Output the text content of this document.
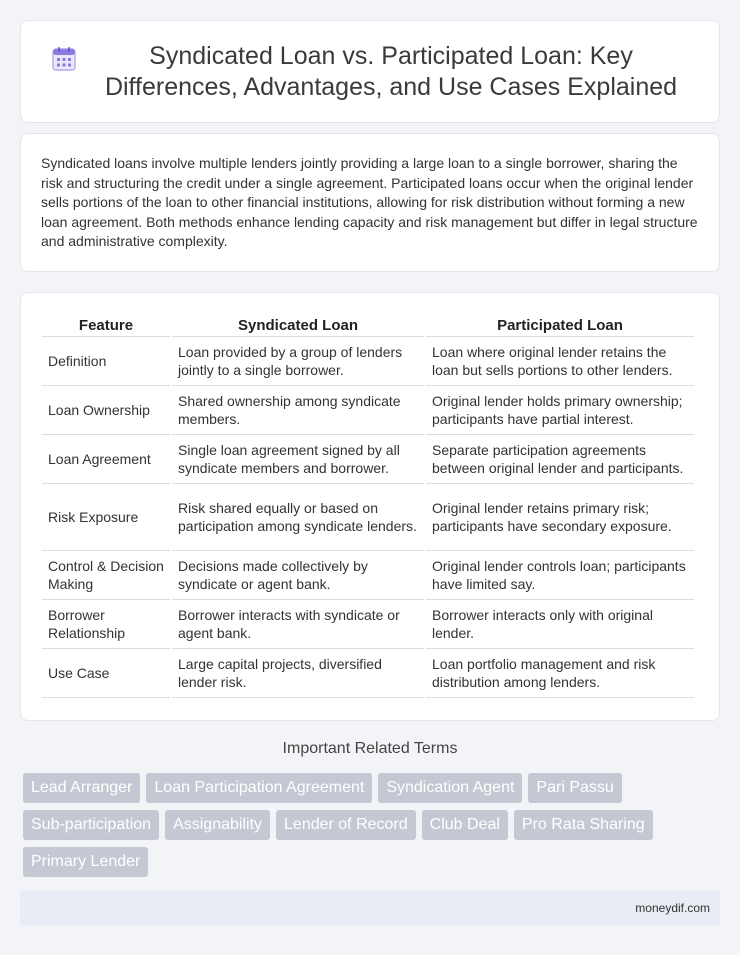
Syndicated Loan vs. Participated Loan: Key Differences, Advantages, and Use Cases Explained

Syndicated loans involve multiple lenders jointly providing a large loan to a single borrower, sharing the risk and structuring the credit under a single agreement. Participated loans occur when the original lender sells portions of the loan to other financial institutions, allowing for risk distribution without forming a new loan agreement. Both methods enhance lending capacity and risk management but differ in legal structure and administrative complexity.

Feature	Syndicated Loan	Participated Loan
Definition	Loan provided by a group of lenders jointly to a single borrower.	Loan where original lender retains the loan but sells portions to other lenders.
Loan Ownership	Shared ownership among syndicate members.	Original lender holds primary ownership; participants have partial interest.
Loan Agreement	Single loan agreement signed by all syndicate members and borrower.	Separate participation agreements between original lender and participants.
Risk Exposure	Risk shared equally or based on participation among syndicate lenders.	Original lender retains primary risk; participants have secondary exposure.
Control & Decision Making	Decisions made collectively by syndicate or agent bank.	Original lender controls loan; participants have limited say.
Borrower Relationship	Borrower interacts with syndicate or agent bank.	Borrower interacts only with original lender.
Use Case	Large capital projects, diversified lender risk.	Loan portfolio management and risk distribution among lenders.
Important Related Terms
Lead Arranger	Loan Participation Agreement	Syndication Agent	Pari Passu
Sub-participation	Assignability	Lender of Record	Club Deal	Pro Rata Sharing
Primary Lender
moneydif.com
